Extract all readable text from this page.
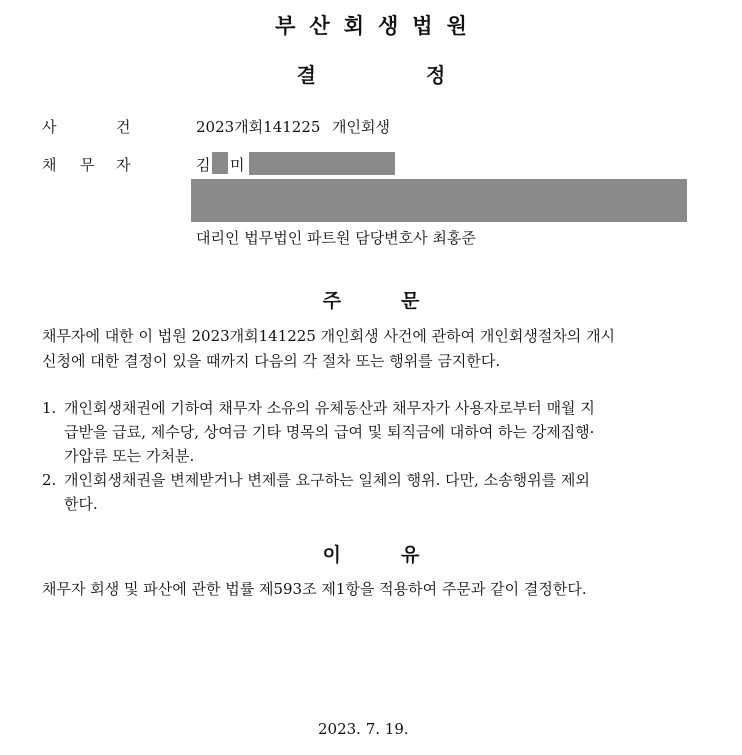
부산회생법원
결	정
사	건	2023개회141225 개인회생
채 무 자	김 미
대리인 법무법인 파트원 담당변호사 최홍준
주	문
채무자에 대한 이 법원 2023개회141225 개인회생 사건에 관하여 개인회생절차의 개시
신청에 대한 결정이 있을 때까지 다음의 각 절차 또는 행위를 금지한다.
1. 개인회생채권에 기하여 채무자 소유의 유체동산과 채무자가 사용자로부터 매월 지
급받을 급료, 제수당, 상여금 기타 명목의 급여 및 퇴직금에 대하여 하는 강제집행·
가압류 또는 가처분.
2. 개인회생채권을 변제받거나 변제를 요구하는 일체의 행위. 다만, 소송행위를 제외
한다.
이	유
채무자 회생 및 파산에 관한 법률 제593조 제1항을 적용하여 주문과 같이 결정한다.
2023. 7. 19.
